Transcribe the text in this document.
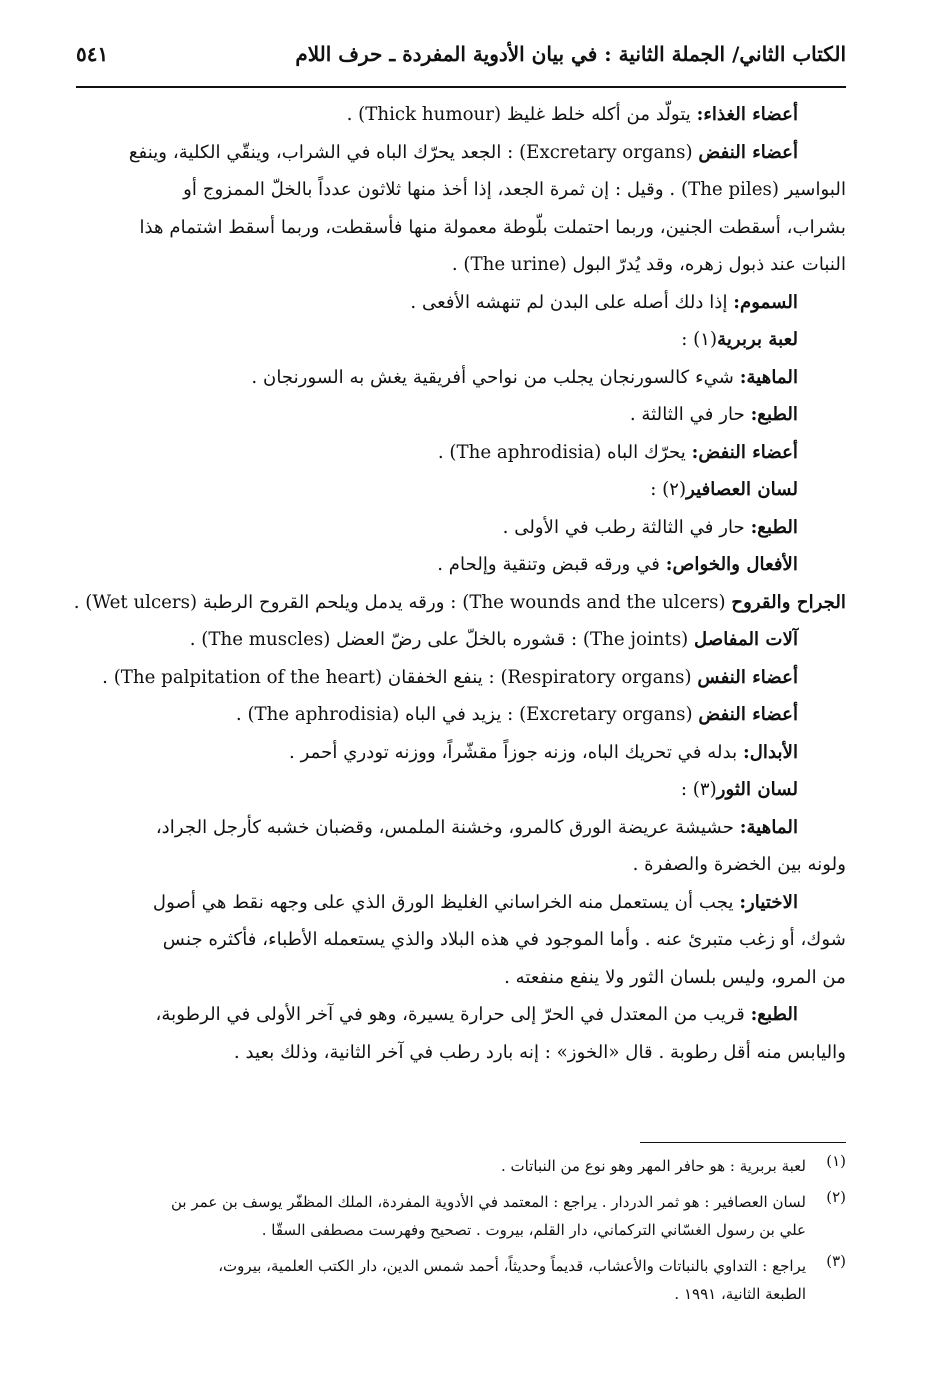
الكتاب الثاني/ الجملة الثانية : في بيان الأدوية المفردة ـ حرف اللام
٥٤١
أعضاء الغذاء: يتولّد من أكله خلط غليظ (Thick humour) .
أعضاء النفض (Excretary organs) : الجعد يحرّك الباه في الشراب، وينقّي الكلية، وينفع
البواسير (The piles) . وقيل : إن ثمرة الجعد، إذا أخذ منها ثلاثون عدداً بالخلّ الممزوج أو
بشراب، أسقطت الجنين، وربما احتملت بلّوطة معمولة منها فأسقطت، وربما أسقط اشتمام هذا
النبات عند ذبول زهره، وقد يُدرّ البول (The urine) .
السموم: إذا دلك أصله على البدن لم تنهشه الأفعى .
لعبة بربرية(١) :
الماهية: شيء كالسورنجان يجلب من نواحي أفريقية يغش به السورنجان .
الطبع: حار في الثالثة .
أعضاء النفض: يحرّك الباه (The aphrodisia) .
لسان العصافير(٢) :
الطبع: حار في الثالثة رطب في الأولى .
الأفعال والخواص: في ورقه قبض وتنقية وإلحام .
الجراح والقروح (The wounds and the ulcers) : ورقه يدمل ويلحم القروح الرطبة (Wet ulcers) .
آلات المفاصل (The joints) : قشوره بالخلّ على رضّ العضل (The muscles) .
أعضاء النفس (Respiratory organs) : ينفع الخفقان (The palpitation of the heart) .
أعضاء النفض (Excretary organs) : يزيد في الباه (The aphrodisia) .
الأبدال: بدله في تحريك الباه، وزنه جوزاً مقشّراً، ووزنه تودري أحمر .
لسان الثور(٣) :
الماهية: حشيشة عريضة الورق كالمرو، وخشنة الملمس، وقضبان خشبه كأرجل الجراد،
ولونه بين الخضرة والصفرة .
الاختيار: يجب أن يستعمل منه الخراساني الغليظ الورق الذي على وجهه نقط هي أصول
شوك، أو زغب متبرئ عنه . وأما الموجود في هذه البلاد والذي يستعمله الأطباء، فأكثره جنس
من المرو، وليس بلسان الثور ولا ينفع منفعته .
الطبع: قريب من المعتدل في الحرّ إلى حرارة يسيرة، وهو في آخر الأولى في الرطوبة،
واليابس منه أقل رطوبة . قال «الخوز» : إنه بارد رطب في آخر الثانية، وذلك بعيد .
(١)
لعبة بربرية : هو حافر المهر وهو نوع من النباتات .
(٢)
لسان العصافير : هو ثمر الدردار . يراجع : المعتمد في الأدوية المفردة، الملك المظفّر يوسف بن عمر بن
علي بن رسول الغسّاني التركماني، دار القلم، بيروت . تصحيح وفهرست مصطفى السقّا .
(٣)
يراجع : التداوي بالنباتات والأعشاب، قديماً وحديثاً، أحمد شمس الدين، دار الكتب العلمية، بيروت،
الطبعة الثانية، ١٩٩١ .
